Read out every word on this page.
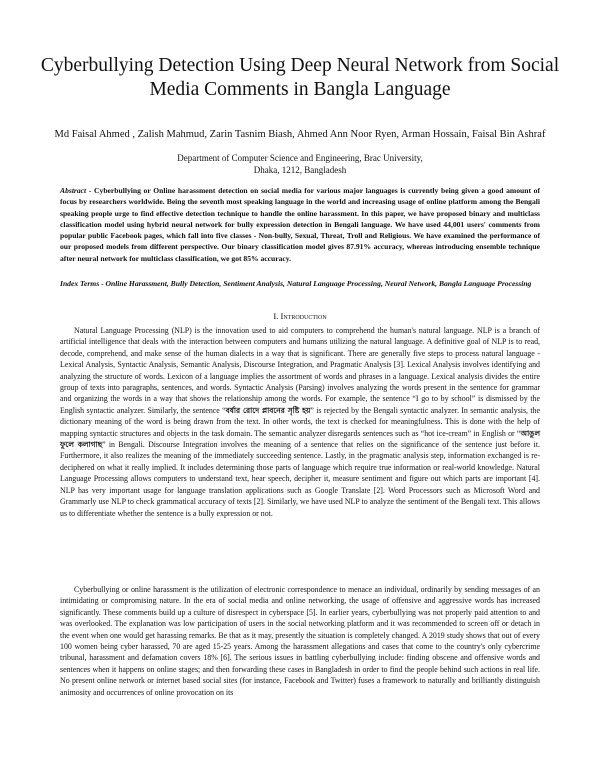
Cyberbullying Detection Using Deep Neural Network from Social Media Comments in Bangla Language
Md Faisal Ahmed , Zalish Mahmud, Zarin Tasnim Biash, Ahmed Ann Noor Ryen, Arman Hossain, Faisal Bin Ashraf
Department of Computer Science and Engineering, Brac University,
Dhaka, 1212, Bangladesh
Abstract - Cyberbullying or Online harassment detection on social media for various major languages is currently being given a good amount of focus by researchers worldwide. Being the seventh most speaking language in the world and increasing usage of online platform among the Bengali speaking people urge to find effective detection technique to handle the online harassment. In this paper, we have proposed binary and multiclass classification model using hybrid neural network for bully expression detection in Bengali language. We have used 44,001 users' comments from popular public Facebook pages, which fall into five classes - Non-bully, Sexual, Threat, Troll and Religious. We have examined the performance of our proposed models from different perspective. Our binary classification model gives 87.91% accuracy, whereas introducing ensemble technique after neural network for multiclass classification, we got 85% accuracy.
Index Terms - Online Harassment, Bully Detection, Sentiment Analysis, Natural Language Processing, Neural Network, Bangla Language Processing
I. Introduction
Natural Language Processing (NLP) is the innovation used to aid computers to comprehend the human's natural language. NLP is a branch of artificial intelligence that deals with the interaction between computers and humans utilizing the natural language. A definitive goal of NLP is to read, decode, comprehend, and make sense of the human dialects in a way that is significant. There are generally five steps to process natural language - Lexical Analysis, Syntactic Analysis, Semantic Analysis, Discourse Integration, and Pragmatic Analysis [3]. Lexical Analysis involves identifying and analyzing the structure of words. Lexicon of a language implies the assortment of words and phrases in a language. Lexical analysis divides the entire group of texts into paragraphs, sentences, and words. Syntactic Analysis (Parsing) involves analyzing the words present in the sentence for grammar and organizing the words in a way that shows the relationship among the words. For example, the sentence “I go to by school” is dismissed by the English syntactic analyzer. Similarly, the sentence “বর্ষার রোদে প্লাবনের সৃষ্টি হয়” is rejected by the Bengali syntactic analyzer. In semantic analysis, the dictionary meaning of the word is being drawn from the text. In other words, the text is checked for meaningfulness. This is done with the help of mapping syntactic structures and objects in the task domain. The semantic analyzer disregards sentences such as “hot ice-cream” in English or “আঙুল ফুলে কলাগাছ” in Bengali. Discourse Integration involves the meaning of a sentence that relies on the significance of the sentence just before it. Furthermore, it also realizes the meaning of the immediately succeeding sentence. Lastly, in the pragmatic analysis step, information exchanged is re-deciphered on what it really implied. It includes determining those parts of language which require true information or real-world knowledge. Natural Language Processing allows computers to understand text, hear speech, decipher it, measure sentiment and figure out which parts are important [4]. NLP has very important usage for language translation applications such as Google Translate [2]. Word Processors such as Microsoft Word and Grammarly use NLP to check grammatical accuracy of texts [2]. Similarly, we have used NLP to analyze the sentiment of the Bengali text. This allows us to differentiate whether the sentence is a bully expression or not.
Cyberbullying or online harassment is the utilization of electronic correspondence to menace an individual, ordinarily by sending messages of an intimidating or compromising nature. In the era of social media and online networking, the usage of offensive and aggressive words has increased significantly. These comments build up a culture of disrespect in cyberspace [5]. In earlier years, cyberbullying was not properly paid attention to and was overlooked. The explanation was low participation of users in the social networking platform and it was recommended to screen off or detach in the event when one would get harassing remarks. Be that as it may, presently the situation is completely changed. A 2019 study shows that out of every 100 women being cyber harassed, 70 are aged 15-25 years. Among the harassment allegations and cases that come to the country's only cybercrime tribunal, harassment and defamation covers 18% [6]. The serious issues in battling cyberbullying include: finding obscene and offensive words and sentences when it happens on online stages; and then forwarding these cases in Bangladesh in order to find the people behind such actions in real life. No present online network or internet based social sites (for instance, Facebook and Twitter) fuses a framework to naturally and brilliantly distinguish animosity and occurrences of online provocation on its
